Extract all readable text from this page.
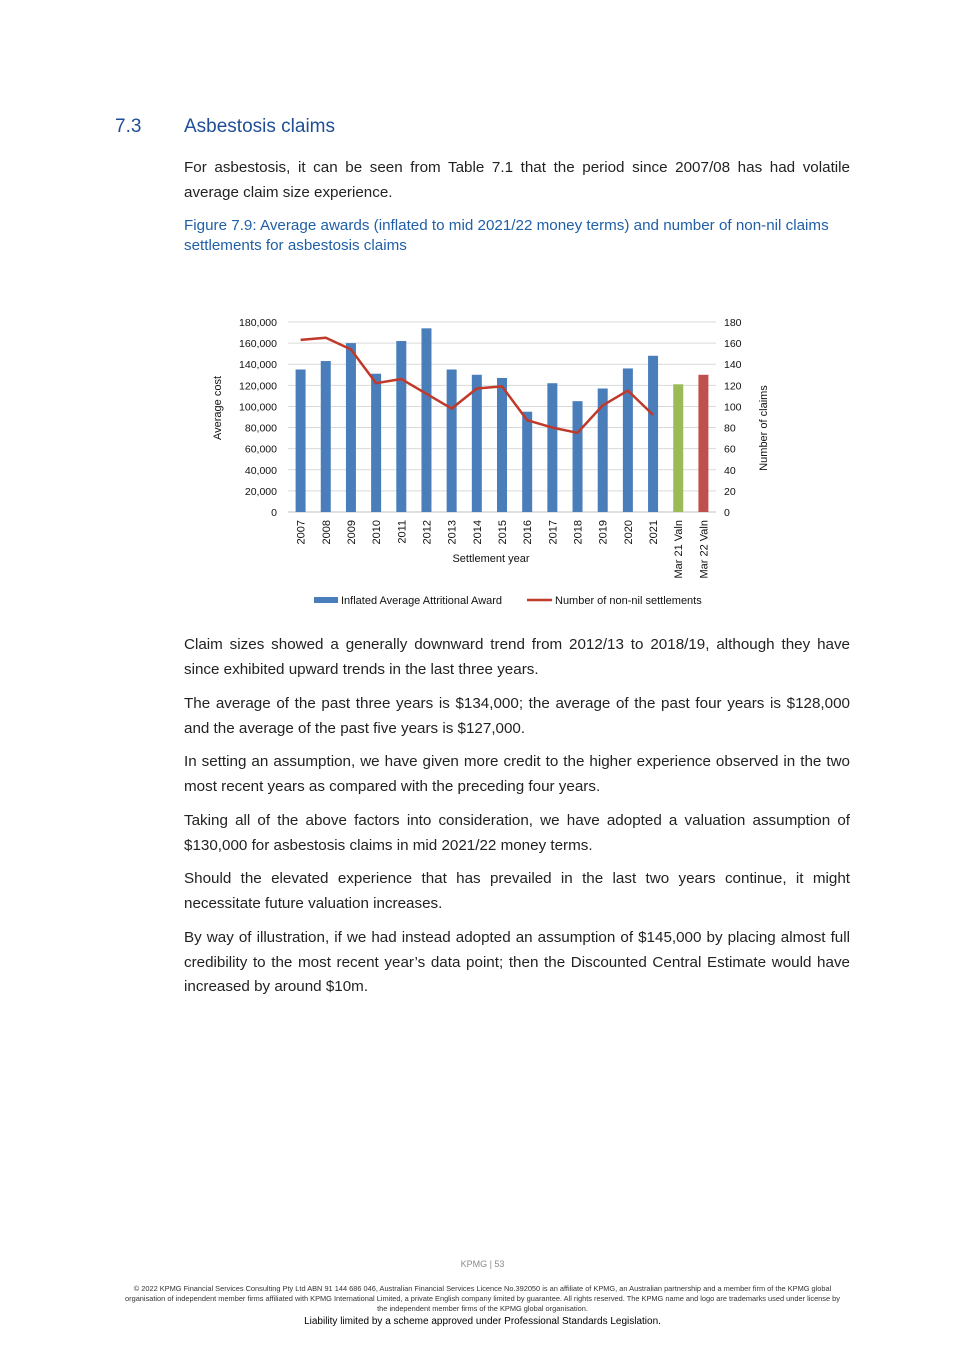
7.3 Asbestosis claims

For asbestosis, it can be seen from Table 7.1 that the period since 2007/08 has had volatile average claim size experience.

Figure 7.9: Average awards (inflated to mid 2021/22 money terms) and number of non-nil claims settlements for asbestosis claims

Average cost	Number of claims
Settlement year
0
20,000
40,000
60,000
80,000
100,000
120,000
140,000
160,000
180,000
0
20
40
60
80
100
120
140
160
180
2007 2008 2009 2010 2011 2012 2013 2014 2015 2016 2017 2018 2019 2020 2021 Mar 21 Valn Mar 22 Valn
Inflated Average Attritional Award	Number of non-nil settlements

Claim sizes showed a generally downward trend from 2012/13 to 2018/19, although they have since exhibited upward trends in the last three years.

The average of the past three years is $134,000; the average of the past four years is $128,000 and the average of the past five years is $127,000.

In setting an assumption, we have given more credit to the higher experience observed in the two most recent years as compared with the preceding four years.

Taking all of the above factors into consideration, we have adopted a valuation assumption of $130,000 for asbestosis claims in mid 2021/22 money terms.

Should the elevated experience that has prevailed in the last two years continue, it might necessitate future valuation increases.

By way of illustration, if we had instead adopted an assumption of $145,000 by placing almost full credibility to the most recent year’s data point; then the Discounted Central Estimate would have increased by around $10m.

KPMG | 53
© 2022 KPMG Financial Services Consulting Pty Ltd ABN 91 144 686 046, Australian Financial Services Licence No.392050 is an affiliate of KPMG, an Australian partnership and a member firm of the KPMG global organisation of independent member firms affiliated with KPMG International Limited, a private English company limited by guarantee. All rights reserved. The KPMG name and logo are trademarks used under license by the independent member firms of the KPMG global organisation.
Liability limited by a scheme approved under Professional Standards Legislation.
